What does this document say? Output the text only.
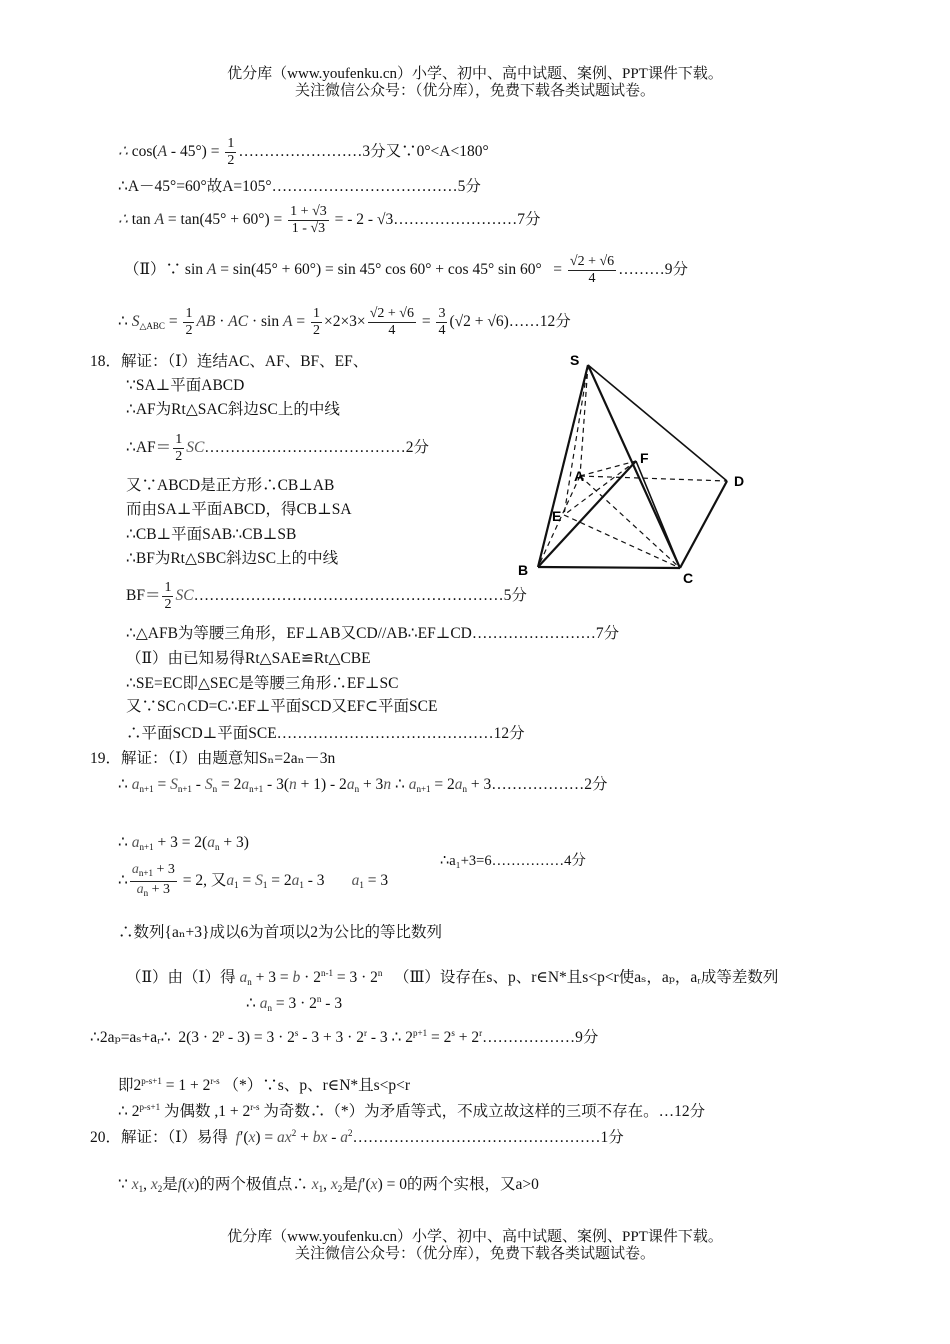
优分库（www.youfenku.cn）小学、初中、高中试题、案例、PPT课件下载。
关注微信公众号：（优分库），免费下载各类试题试卷。
∴ $\cos(A - 45^\circ) = \frac{1}{2}$ ……………………3分又∵0°<A<180°
∴A－45°=60°故A=105°………………………………5分
∴ $\tan A = \tan(45^\circ + 60^\circ) = \frac{1 + √3}{1 - √3}$ = - 2 - √3……………………7分
（Ⅱ）∵ sin A = sin(45° + 60°) = sin 45° cos 60° + cos 45° $\sin 60^\circ = \frac{√2 + √6}{4}$ ………9分
∴ $S_{\triangle ABC} = \frac{1}{2}$ AB · AC · $\sin A = \frac{1}{2} \times 2\times 3\times \frac{√2 + √6}{4} = \frac{3}{4} (√2$ + √6)……12分
18．解证：（Ⅰ）连结AC、AF、BF、EF、
∵SA⊥平面ABCD
∴AF为Rt△SAC斜边SC上的中线
∴AF＝ $\frac{1}{2}$ SC…………………………………2分
又∵ABCD是正方形∴CB⊥AB
而由SA⊥平面ABCD，得CB⊥SA
∴CB⊥平面SAB∴CB⊥SB
∴BF为Rt△SBC斜边SC上的中线
$BF= \frac{1}{2}$ SC……………………………………………………5分
∴△AFB为等腰三角形，EF⊥AB又CD//AB∴EF⊥CD……………………7分
（Ⅱ）由已知易得Rt△SAE≌Rt△CBE
∴SE=EC即△SEC是等腰三角形∴EF⊥SC
又∵SC∩CD=C∴EF⊥平面SCD又EF⊂平面SCE
∴平面SCD⊥平面SCE……………………………………12分
S
A	D
F
E
B	C
19．解证：（Ⅰ）由题意知Sₙ=2aₙ－3n
∴ $a_{n+1} = S_{n+1} - S_n = 2a_{n+1} - 3(n + 1) - 2a_n + 3n$ ∴ $a_{n+1} = 2a_n$ + 3………………2分
∴ $a_{n+1} + 3 = 2(a_n + 3)$
∴ $\frac{a_{n+1} + 3}{a_n + 3} = 2$, 又$a_1 = S_1 = 2a_1 - 3$       $a_1 = 3$
∴a₁+3=6……………4分
∴数列{aₙ+3}成以6为首项以2为公比的等比数列
（Ⅱ）由（Ⅰ）得 $a_n + 3 = b \cdot 2^{n-1} = 3 \cdot 2^n$ （Ⅲ）设存在s、p、r∈N*且s<p<r使aₛ，aₚ，aᵣ成等差数列
∴ $a_n = 3 \cdot 2^n - 3$
∴2aₚ=aₛ+aᵣ∴  $2(3 \cdot 2^p - 3) = 3 \cdot 2^s - 3 + 3 \cdot 2^r - 3$ ∴ $2^{p+1} = 2^s$ + $2^r\dots\dots\dots\dots\dots\dots 9$分
即$2^{p-s+1} = 1 + 2^{r-s}$ （*）∵s、p、r∈N*且s<p<r
∴ $2^{p-s+1}$ 为偶数 $,1 + 2^{r-s}$ 为奇数∴（*）为矛盾等式，不成立故这样的三项不存在。…12分
20．解证：（Ⅰ）易得 $f'(x) = ax^2$ + bx - $a^2\dots\dots\dots\dots\dots\dots\dots\dots\dots\dots\dots\dots\dots\dots\dots\dots 1$分
∵ $x_1$, $x_2$是f(x)的两个极值点∴ $x_1$, $x_2$是f′(x) = 0的两个实根，又a>0
优分库（www.youfenku.cn）小学、初中、高中试题、案例、PPT课件下载。
关注微信公众号：（优分库），免费下载各类试题试卷。
